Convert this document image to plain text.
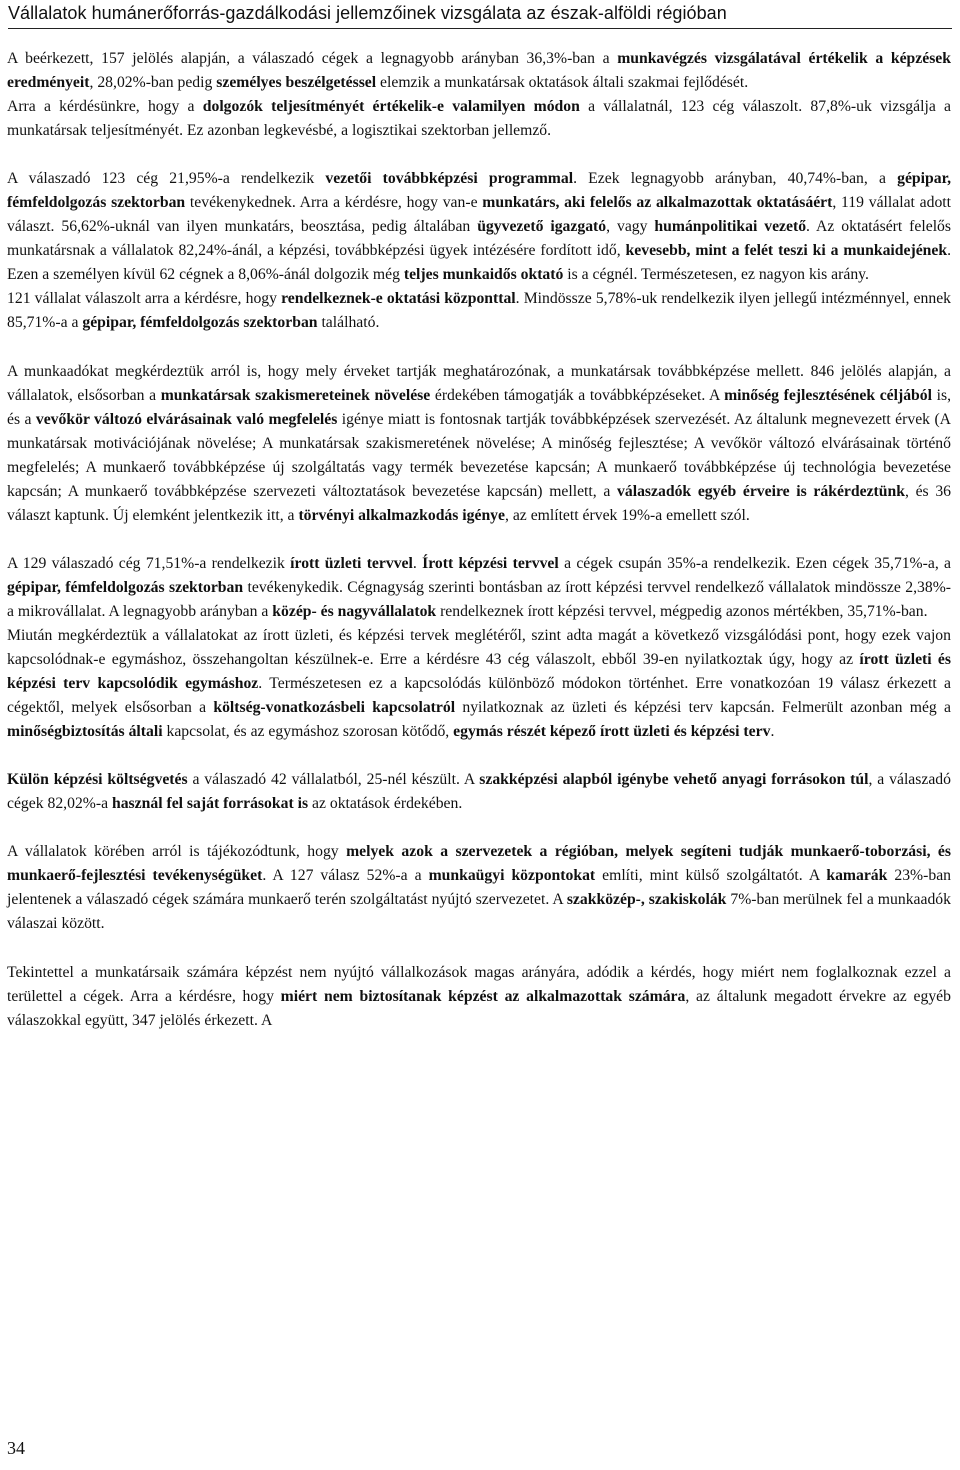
Vállalatok humánerőforrás-gazdálkodási jellemzőinek vizsgálata az észak-alföldi régióban

A beérkezett, 157 jelölés alapján, a válaszadó cégek a legnagyobb arányban 36,3%-ban a munkavégzés vizsgálatával értékelik a képzések eredményeit, 28,02%-ban pedig személyes beszélgetéssel elemzik a munkatársak oktatások általi szakmai fejlődését.

Arra a kérdésünkre, hogy a dolgozók teljesítményét értékelik-e valamilyen módon a vállalatnál, 123 cég válaszolt. 87,8%-uk vizsgálja a munkatársak teljesítményét. Ez azonban legkevésbé, a logisztikai szektorban jellemző.

A válaszadó 123 cég 21,95%-a rendelkezik vezetői továbbképzési programmal. Ezek legnagyobb arányban, 40,74%-ban, a gépipar, fémfeldolgozás szektorban tevékenykednek. Arra a kérdésre, hogy van-e munkatárs, aki felelős az alkalmazottak oktatásáért, 119 vállalat adott választ. 56,62%-uknál van ilyen munkatárs, beosztása, pedig általában ügyvezető igazgató, vagy humánpolitikai vezető. Az oktatásért felelős munkatársnak a vállalatok 82,24%-ánál, a képzési, továbbképzési ügyek intézésére fordított idő, kevesebb, mint a felét teszi ki a munkaidejének. Ezen a személyen kívül 62 cégnek a 8,06%-ánál dolgozik még teljes munkaidős oktató is a cégnél. Természetesen, ez nagyon kis arány.

121 vállalat válaszolt arra a kérdésre, hogy rendelkeznek-e oktatási központtal. Mindössze 5,78%-uk rendelkezik ilyen jellegű intézménnyel, ennek 85,71%-a a gépipar, fémfeldolgozás szektorban található.

A munkaadókat megkérdeztük arról is, hogy mely érveket tartják meghatározónak, a munkatársak továbbképzése mellett. 846 jelölés alapján, a vállalatok, elsősorban a munkatársak szakismereteinek növelése érdekében támogatják a továbbképzéseket. A minőség fejlesztésének céljából is, és a vevőkör változó elvárásainak való megfelelés igénye miatt is fontosnak tartják továbbképzések szervezését. Az általunk megnevezett érvek (A munkatársak motivációjának növelése; A munkatársak szakismeretének növelése; A minőség fejlesztése; A vevőkör változó elvárásainak történő megfelelés; A munkaerő továbbképzése új szolgáltatás vagy termék bevezetése kapcsán; A munkaerő továbbképzése új technológia bevezetése kapcsán; A munkaerő továbbképzése szervezeti változtatások bevezetése kapcsán) mellett, a válaszadók egyéb érveire is rákérdeztünk, és 36 választ kaptunk. Új elemként jelentkezik itt, a törvényi alkalmazkodás igénye, az említett érvek 19%-a emellett szól.

A 129 válaszadó cég 71,51%-a rendelkezik írott üzleti tervvel. Írott képzési tervvel a cégek csupán 35%-a rendelkezik. Ezen cégek 35,71%-a, a gépipar, fémfeldolgozás szektorban tevékenykedik. Cégnagyság szerinti bontásban az írott képzési tervvel rendelkező vállalatok mindössze 2,38%-a mikrovállalat. A legnagyobb arányban a közép- és nagyvállalatok rendelkeznek írott képzési tervvel, mégpedig azonos mértékben, 35,71%-ban.

Miután megkérdeztük a vállalatokat az írott üzleti, és képzési tervek meglétéről, szint adta magát a következő vizsgálódási pont, hogy ezek vajon kapcsolódnak-e egymáshoz, összehangoltan készülnek-e. Erre a kérdésre 43 cég válaszolt, ebből 39-en nyilatkoztak úgy, hogy az írott üzleti és képzési terv kapcsolódik egymáshoz. Természetesen ez a kapcsolódás különböző módokon történhet. Erre vonatkozóan 19 válasz érkezett a cégektől, melyek elsősorban a költség-vonatkozásbeli kapcsolatról nyilatkoznak az üzleti és képzési terv kapcsán. Felmerült azonban még a minőségbiztosítás általi kapcsolat, és az egymáshoz szorosan kötődő, egymás részét képező írott üzleti és képzési terv.

Külön képzési költségvetés a válaszadó 42 vállalatból, 25-nél készült. A szakképzési alapból igénybe vehető anyagi forrásokon túl, a válaszadó cégek 82,02%-a használ fel saját forrásokat is az oktatások érdekében.

A vállalatok körében arról is tájékozódtunk, hogy melyek azok a szervezetek a régióban, melyek segíteni tudják munkaerő-toborzási, és munkaerő-fejlesztési tevékenységüket. A 127 válasz 52%-a a munkaügyi központokat említi, mint külső szolgáltatót. A kamarák 23%-ban jelentenek a válaszadó cégek számára munkaerő terén szolgáltatást nyújtó szervezetet. A szakközép-, szakiskolák 7%-ban merülnek fel a munkaadók válaszai között.

Tekintettel a munkatársaik számára képzést nem nyújtó vállalkozások magas arányára, adódik a kérdés, hogy miért nem foglalkoznak ezzel a területtel a cégek. Arra a kérdésre, hogy miért nem biztosítanak képzést az alkalmazottak számára, az általunk megadott érvekre az egyéb válaszokkal együtt, 347 jelölés érkezett. A

34
